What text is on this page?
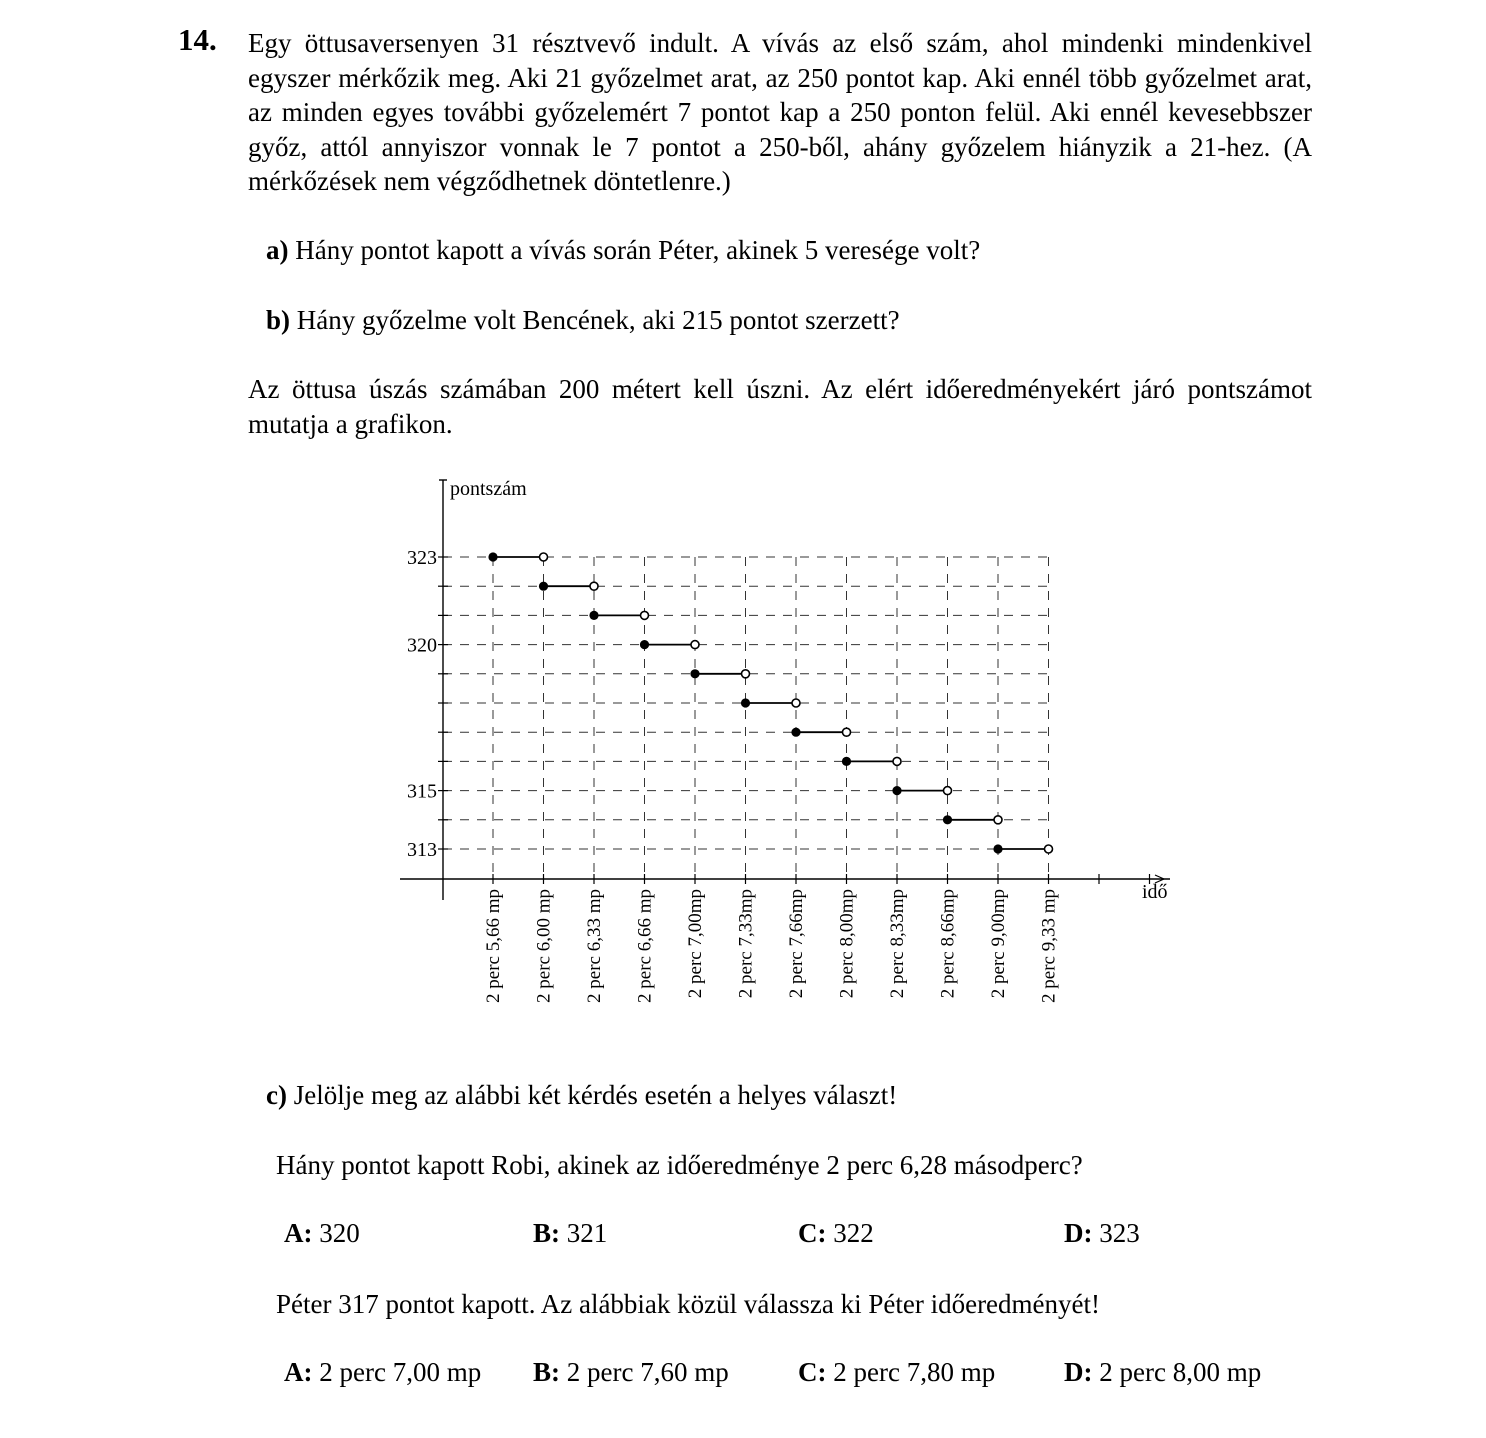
14. Egy öttusaversenyen 31 résztvevő indult. A vívás az első szám, ahol mindenki mindenkivel egyszer mérkőzik meg. Aki 21 győzelmet arat, az 250 pontot kap. Aki ennél több győzelmet arat, az minden egyes további győzelemért 7 pontot kap a 250 ponton felül. Aki ennél kevesebbszer győz, attól annyiszor vonnak le 7 pontot a 250-ből, ahány győzelem hiányzik a 21-hez. (A mérkőzések nem végződhetnek döntetlenre.)

a) Hány pontot kapott a vívás során Péter, akinek 5 veresége volt?

b) Hány győzelme volt Bencének, aki 215 pontot szerzett?

Az öttusa úszás számában 200 métert kell úszni. Az elért időeredményekért járó pontszámot mutatja a grafikon.

pontszám
idő
323
320
315
313
2 perc 5,66 mp 2 perc 6,00 mp 2 perc 6,33 mp 2 perc 6,66 mp 2 perc 7,00mp 2 perc 7,33mp 2 perc 7,66mp 2 perc 8,00mp 2 perc 8,33mp 2 perc 8,66mp 2 perc 9,00mp 2 perc 9,33 mp

c) Jelölje meg az alábbi két kérdés esetén a helyes választ!

Hány pontot kapott Robi, akinek az időeredménye 2 perc 6,28 másodperc?

A: 320	B: 321	C: 322	D: 323

Péter 317 pontot kapott. Az alábbiak közül válassza ki Péter időeredményét!

A: 2 perc 7,00 mp B: 2 perc 7,60 mp	C: 2 perc 7,80 mp	D: 2 perc 8,00 mp
